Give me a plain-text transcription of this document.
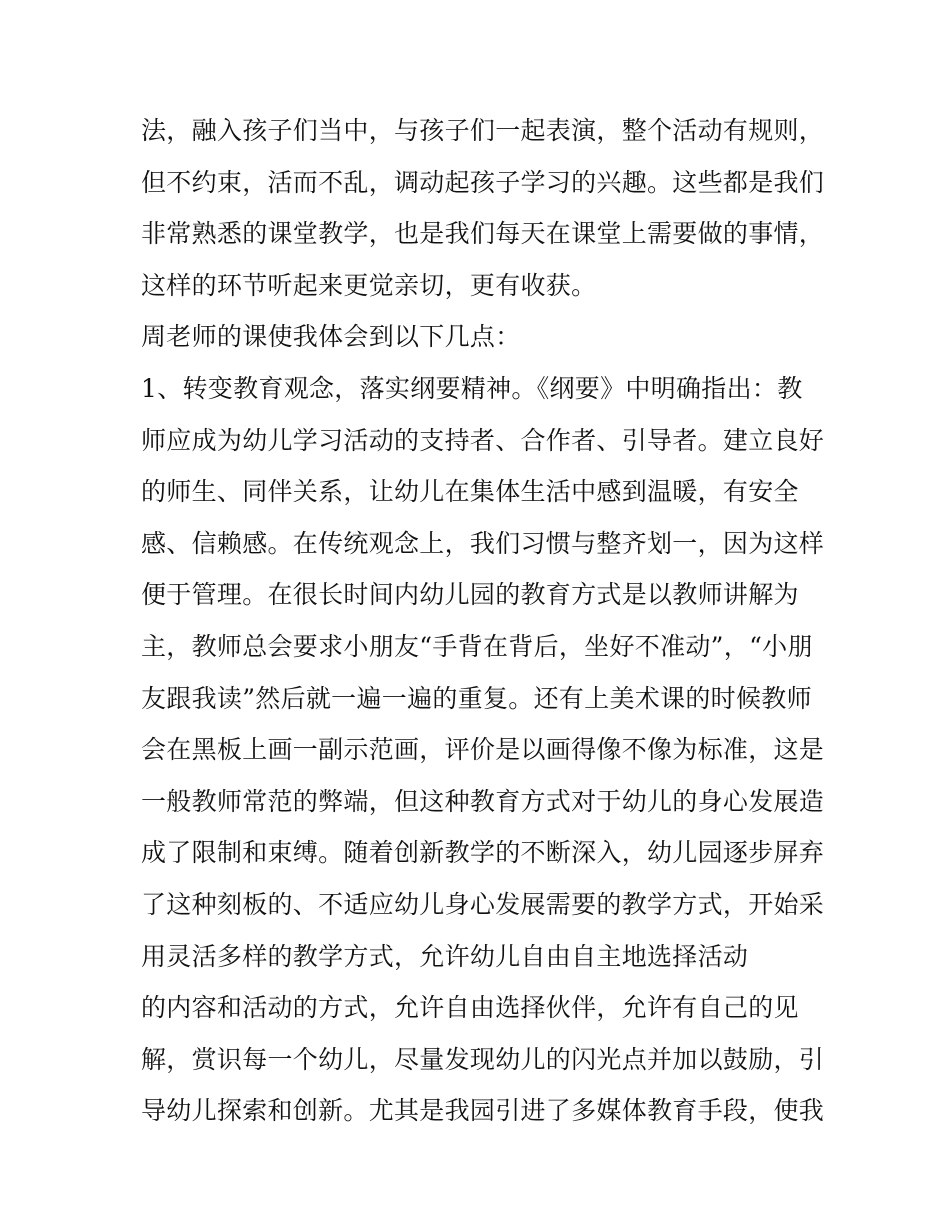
法，融入孩子们当中，与孩子们一起表演，整个活动有规则，
但不约束，活而不乱，调动起孩子学习的兴趣。这些都是我们
非常熟悉的课堂教学，也是我们每天在课堂上需要做的事情，
这样的环节听起来更觉亲切，更有收获。
周老师的课使我体会到以下几点：
1、转变教育观念，落实纲要精神。《纲要》中明确指出：教
师应成为幼儿学习活动的支持者、合作者、引导者。建立良好
的师生、同伴关系，让幼儿在集体生活中感到温暖，有安全
感、信赖感。在传统观念上，我们习惯与整齐划一，因为这样
便于管理。在很长时间内幼儿园的教育方式是以教师讲解为
主，教师总会要求小朋友“手背在背后，坐好不准动”，“小朋
友跟我读”然后就一遍一遍的重复。还有上美术课的时候教师
会在黑板上画一副示范画，评价是以画得像不像为标准，这是
一般教师常范的弊端，但这种教育方式对于幼儿的身心发展造
成了限制和束缚。随着创新教学的不断深入，幼儿园逐步屏弃
了这种刻板的、不适应幼儿身心发展需要的教学方式，开始采
用灵活多样的教学方式，允许幼儿自由自主地选择活动
的内容和活动的方式，允许自由选择伙伴，允许有自己的见
解，赏识每一个幼儿，尽量发现幼儿的闪光点并加以鼓励，引
导幼儿探索和创新。尤其是我园引进了多媒体教育手段，使我
